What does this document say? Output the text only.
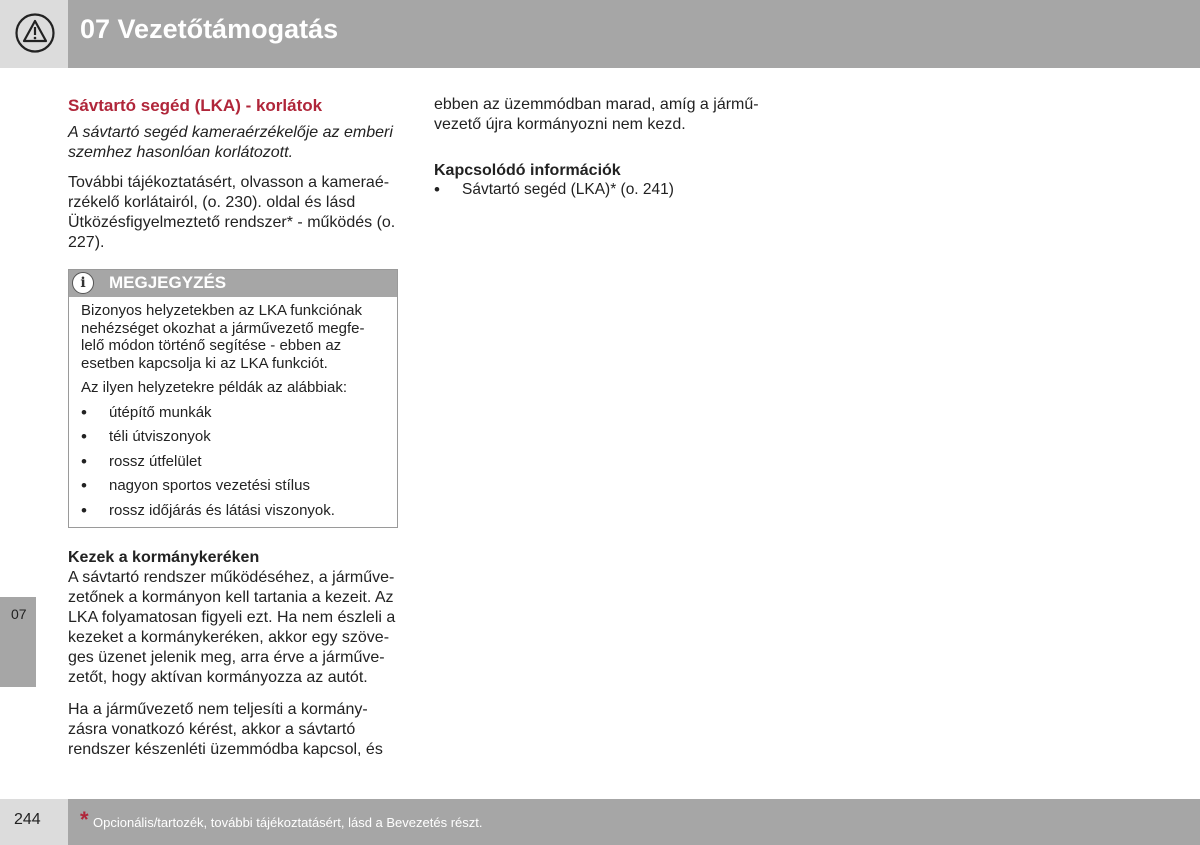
07 Vezetőtámogatás
07
Sávtartó segéd (LKA) - korlátok

A sávtartó segéd kameraérzékelője az emberi szemhez hasonlóan korlátozott.

További tájékoztatásért, olvasson a kameraé-rzékelő korlátairól, (o. 230). oldal és lásd Ütközésfigyelmeztető rendszer* - működés (o. 227).

i	MEGJEGYZÉS

Bizonyos helyzetekben az LKA funkciónak nehézséget okozhat a járművezető megfe-lelő módon történő segítése - ebben az esetben kapcsolja ki az LKA funkciót.

Az ilyen helyzetekre példák az alábbiak:

• útépítő munkák
• téli útviszonyok
• rossz útfelület
• nagyon sportos vezetési stílus
• rossz időjárás és látási viszonyok.
Kezek a kormánykeréken

A sávtartó rendszer működéséhez, a járműve-zetőnek a kormányon kell tartania a kezeit. Az LKA folyamatosan figyeli ezt. Ha nem észleli a kezeket a kormánykeréken, akkor egy szöve-ges üzenet jelenik meg, arra érve a járműve-zetőt, hogy aktívan kormányozza az autót.

Ha a járművezető nem teljesíti a kormány-zásra vonatkozó kérést, akkor a sávtartó rendszer készenléti üzemmódba kapcsol, és

ebben az üzemmódban marad, amíg a jármű-vezető újra kormányozni nem kezd.

Kapcsolódó információk
• Sávtartó segéd (LKA)* (o. 241)
244 * Opcionális/tartozék, további tájékoztatásért, lásd a Bevezetés részt.
